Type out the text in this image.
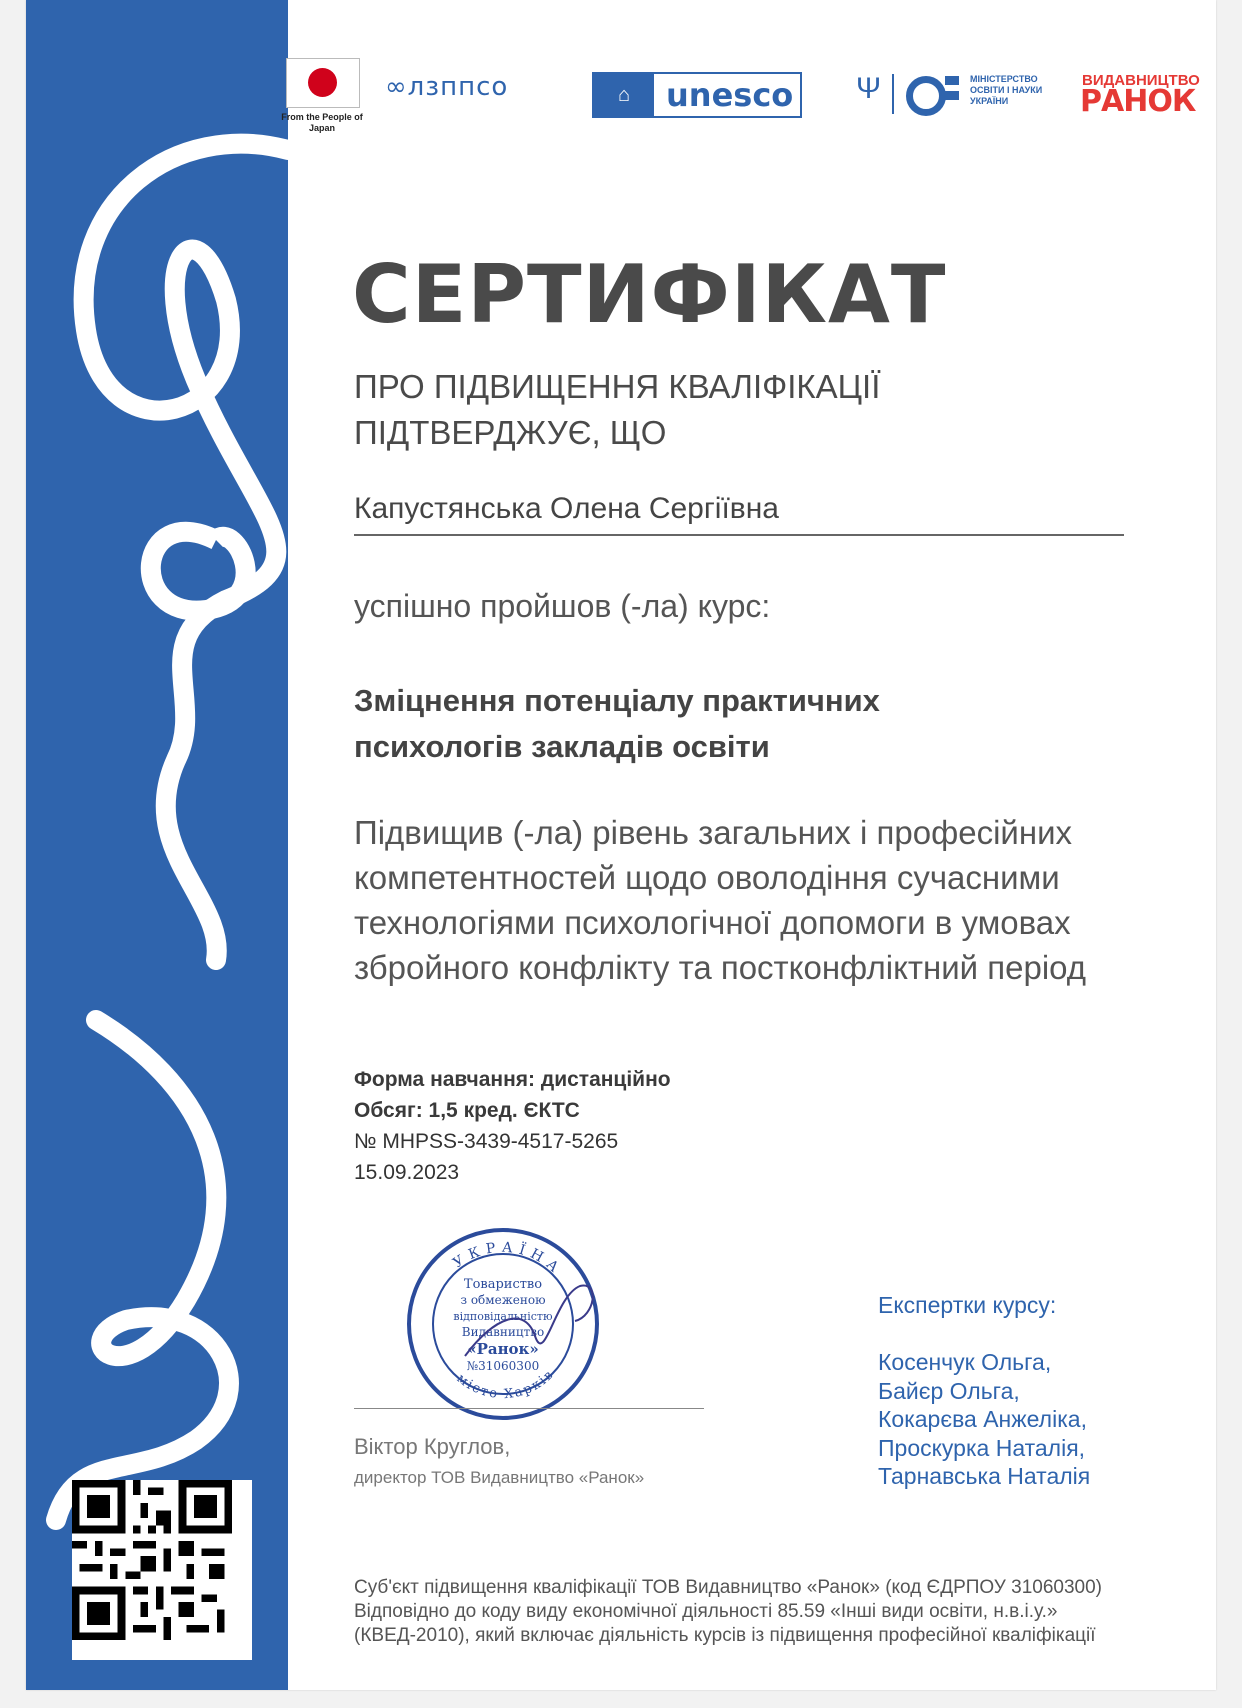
From the People of Japan
∞лзппсо	⌂	unesco Ψ	МІНІСТЕРСТВО ОСВІТИ І НАУКИ УКРАЇНИ
ВИДАВНИЦТВО
РАНОК
СЕРТИФІКАТ
ПРО ПІДВИЩЕННЯ КВАЛІФІКАЦІЇ
ПІДТВЕРДЖУЄ, ЩО
Капустянська Олена Сергіївна
успішно пройшов (-ла) курс:
Зміцнення потенціалу практичних
психологів закладів освіти
Підвищив (-ла) рівень загальних і професійних
компетентностей щодо оволодіння сучасними
технологіями психологічної допомоги в умовах
збройного конфлікту та постконфліктний період
Форма навчання: дистанційно
Обсяг: 1,5 кред. ЄКТС
№ MHPSS-3439-4517-5265
15.09.2023
УКРАЇНА
місто Харків
Товариство
з обмеженою
відповідальністю
Видавництво
«Ранок»
№31060300
Віктор Круглов,
директор ТОВ Видавництво «Ранок»
Експертки курсу:
Косенчук Ольга,
Байєр Ольга,
Кокарєва Анжеліка,
Проскурка Наталія,
Тарнавська Наталія
Суб'єкт підвищення кваліфікації ТОВ Видавництво «Ранок» (код ЄДРПОУ 31060300)
Відповідно до коду виду економічної діяльності 85.59 «Інші види освіти, н.в.і.у.»
(КВЕД-2010), який включає діяльність курсів із підвищення професійної кваліфікації
